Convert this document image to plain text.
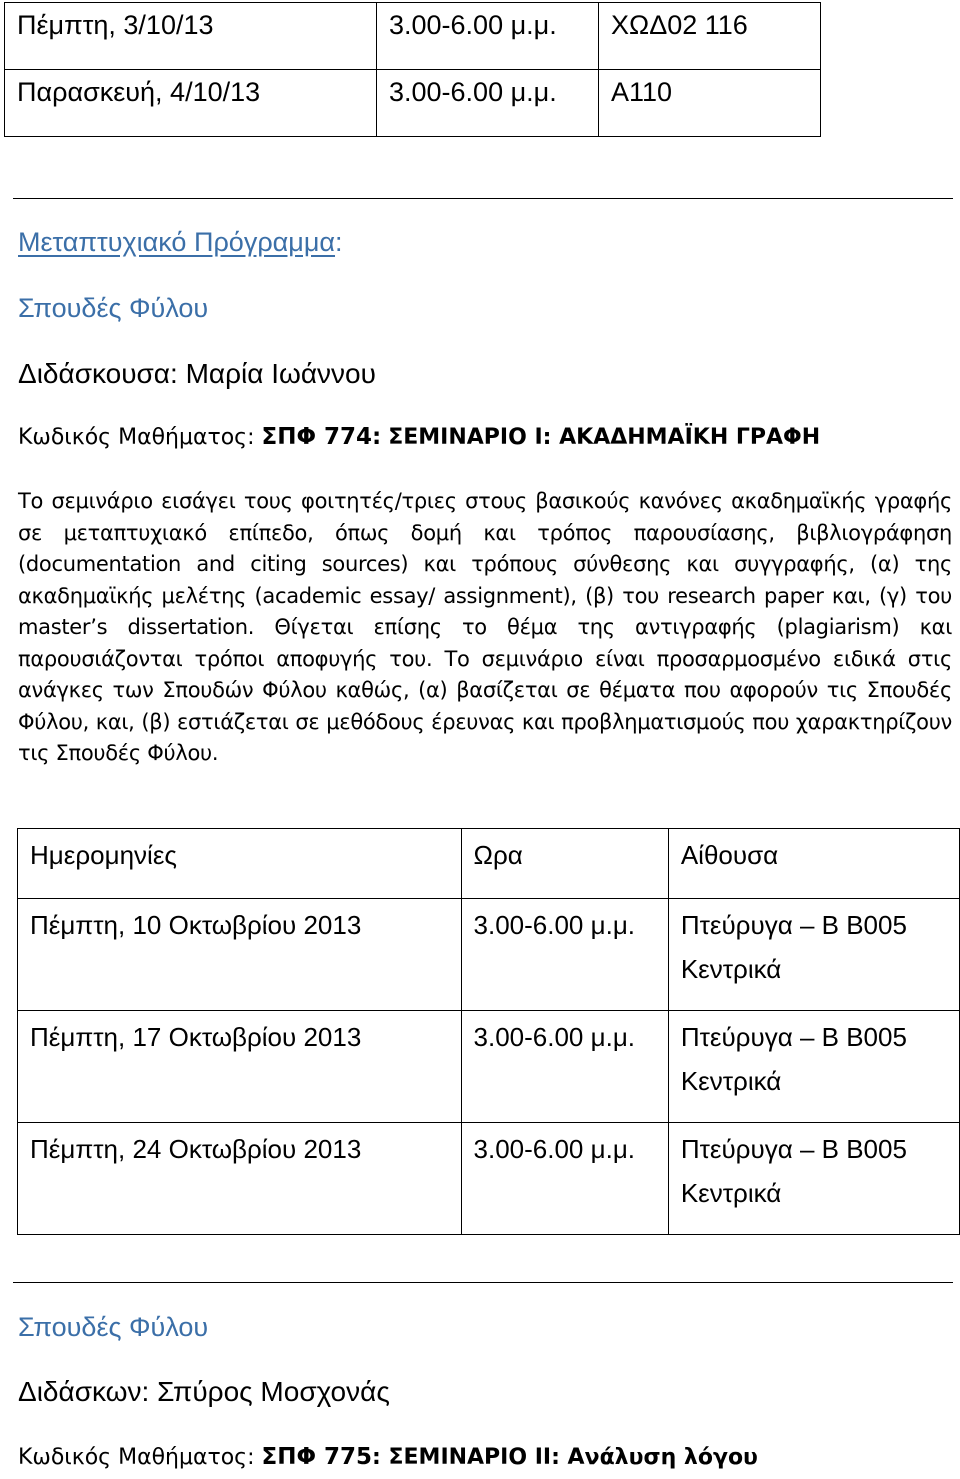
Πέμπτη, 3/10/13	3.00-6.00 μ.μ.	ΧΩΔ02 116
Παρασκευή, 4/10/13	3.00-6.00 μ.μ.	Α110
Μεταπτυχιακό Πρόγραμμα:
Σπουδές Φύλου
Διδάσκουσα: Μαρία Ιωάννου
Κωδικός Μαθήματος: ΣΠΦ 774: ΣΕΜΙΝΑΡΙΟ Ι: ΑΚΑΔΗΜΑΪΚΗ ΓΡΑΦΗ
Το σεμινάριο εισάγει τους φοιτητές/τριες στους βασικούς κανόνες ακαδημαϊκής γραφής σε μεταπτυχιακό επίπεδο, όπως δομή και τρόπος παρουσίασης, βιβλιογράφηση (documentation and citing sources) και τρόπους σύνθεσης και συγγραφής, (α) της ακαδημαϊκής μελέτης (academic essay/ assignment), (β) του research paper και, (γ) του master’s dissertation. Θίγεται επίσης το θέμα της αντιγραφής (plagiarism) και παρουσιάζονται τρόποι αποφυγής του. Το σεμινάριο είναι προσαρμοσμένο ειδικά στις ανάγκες των Σπουδών Φύλου καθώς, (α) βασίζεται σε θέματα που αφορούν τις Σπουδές Φύλου, και, (β) εστιάζεται σε μεθόδους έρευνας και προβληματισμούς που χαρακτηρίζουν τις Σπουδές Φύλου.
Ημερομηνίες	Ωρα	Αίθουσα
Πέμπτη, 10 Οκτωβρίου 2013	3.00-6.00 μ.μ.	Πτεύρυγα – Β Β005
Κεντρικά

Πέμπτη, 17 Οκτωβρίου 2013	3.00-6.00 μ.μ.	Πτεύρυγα – Β Β005
Κεντρικά

Πέμπτη, 24 Οκτωβρίου 2013	3.00-6.00 μ.μ.	Πτεύρυγα – Β Β005
Κεντρικά
Σπουδές Φύλου
Διδάσκων: Σπύρος Μοσχονάς
Κωδικός Μαθήματος: ΣΠΦ 775: ΣΕΜΙΝΑΡΙΟ ΙΙ: Ανάλυση λόγου
